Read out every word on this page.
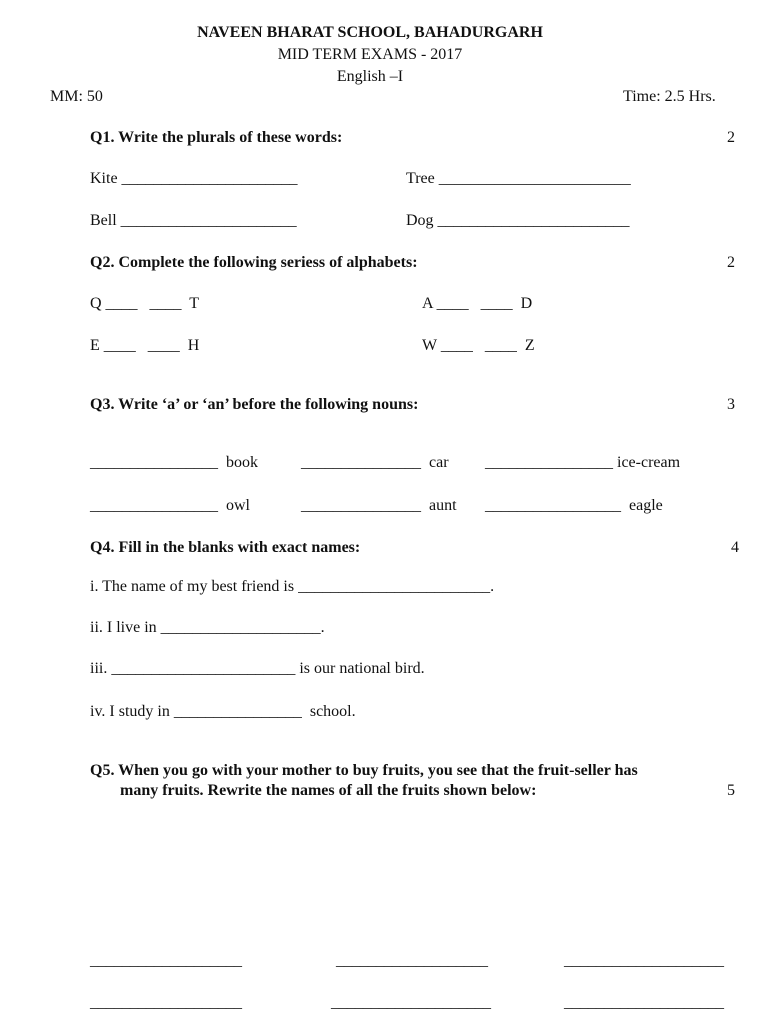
NAVEEN BHARAT SCHOOL, BAHADURGARH
MID TERM EXAMS - 2017
English –I
MM: 50	Time: 2.5 Hrs.
Q1. Write the plurals of these words:	2
Kite ______________________	Tree ________________________
Bell ______________________	Dog ________________________
Q2. Complete the following seriess of alphabets:	2
Q ____   ____  T	A ____   ____  D
E ____   ____  H	W ____   ____  Z
Q3. Write ‘a’ or ‘an’ before the following nouns:	3
________________  book	_______________  car ________________ ice-cream
________________  owl	_______________  aunt _________________  eagle
Q4. Fill in the blanks with exact names:	4
i. The name of my best friend is ________________________.
ii. I live in ____________________.
iii. _______________________ is our national bird.
iv. I study in ________________  school.
Q5. When you go with your mother to buy fruits, you see that the fruit-seller has
many fruits. Rewrite the names of all the fruits shown below:	5
___________________	___________________	____________________
___________________	____________________	____________________
